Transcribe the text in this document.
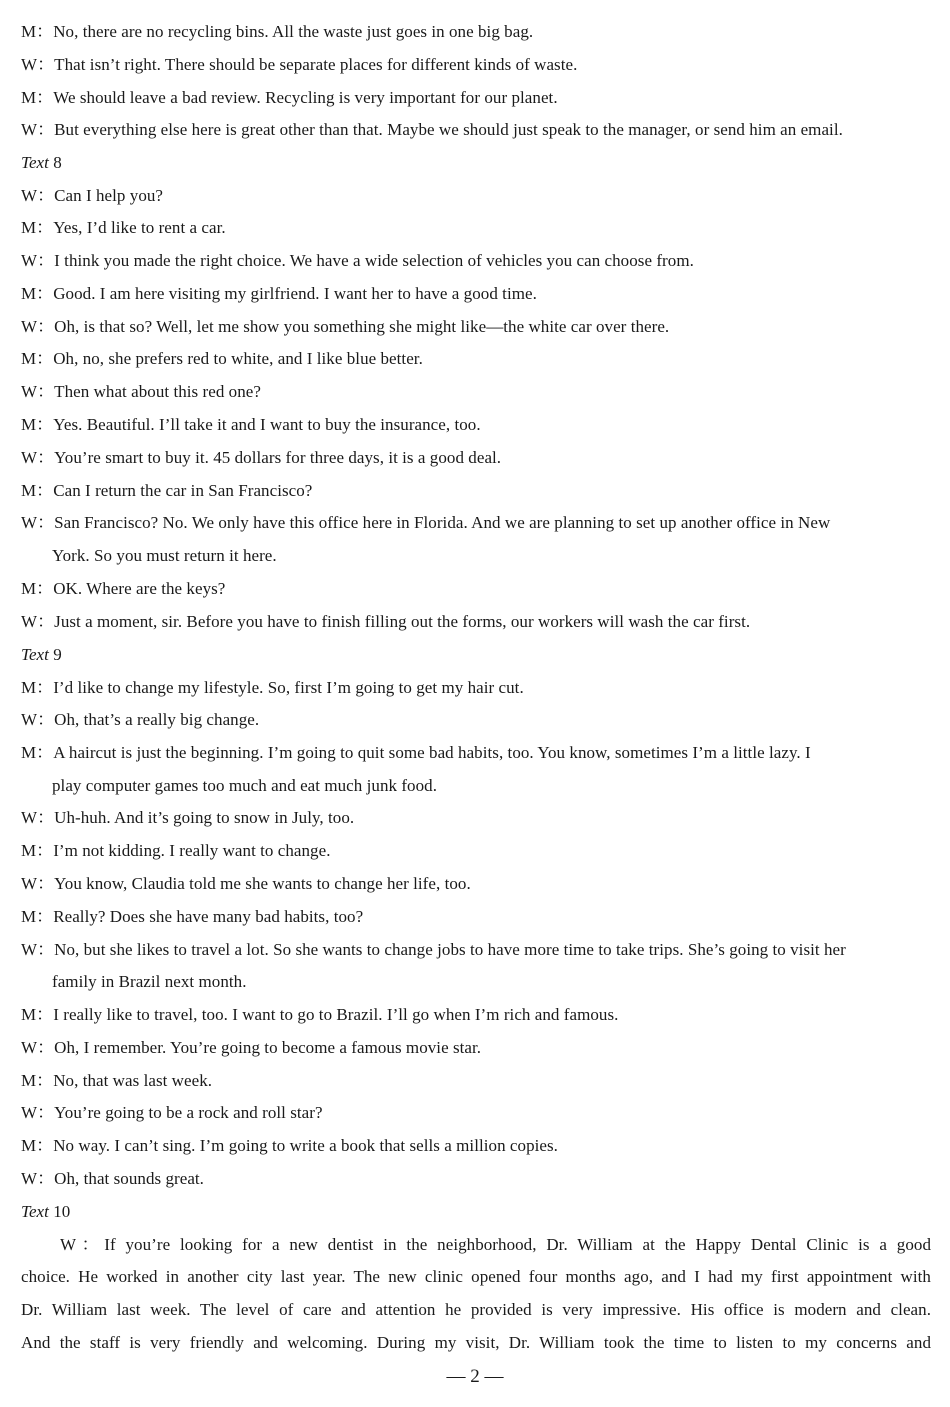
M：No, there are no recycling bins. All the waste just goes in one big bag.
W：That isn’t right. There should be separate places for different kinds of waste.
M：We should leave a bad review. Recycling is very important for our planet.
W：But everything else here is great other than that. Maybe we should just speak to the manager, or send him an email.
Text 8
W：Can I help you?
M：Yes, I’d like to rent a car.
W：I think you made the right choice. We have a wide selection of vehicles you can choose from.
M：Good. I am here visiting my girlfriend. I want her to have a good time.
W：Oh, is that so? Well, let me show you something she might like—the white car over there.
M：Oh, no, she prefers red to white, and I like blue better.
W：Then what about this red one?
M：Yes. Beautiful. I’ll take it and I want to buy the insurance, too.
W：You’re smart to buy it. 45 dollars for three days, it is a good deal.
M：Can I return the car in San Francisco?
W：San Francisco? No. We only have this office here in Florida. And we are planning to set up another office in New
York. So you must return it here.
M：OK. Where are the keys?
W：Just a moment, sir. Before you have to finish filling out the forms, our workers will wash the car first.
Text 9
M：I’d like to change my lifestyle. So, first I’m going to get my hair cut.
W：Oh, that’s a really big change.
M：A haircut is just the beginning. I’m going to quit some bad habits, too. You know, sometimes I’m a little lazy. I
play computer games too much and eat much junk food.
W：Uh-huh. And it’s going to snow in July, too.
M：I’m not kidding. I really want to change.
W：You know, Claudia told me she wants to change her life, too.
M：Really? Does she have many bad habits, too?
W：No, but she likes to travel a lot. So she wants to change jobs to have more time to take trips. She’s going to visit her
family in Brazil next month.
M：I really like to travel, too. I want to go to Brazil. I’ll go when I’m rich and famous.
W：Oh, I remember. You’re going to become a famous movie star.
M：No, that was last week.
W：You’re going to be a rock and roll star?
M：No way. I can’t sing. I’m going to write a book that sells a million copies.
W：Oh, that sounds great.
Text 10
W：If you’re looking for a new dentist in the neighborhood, Dr. William at the Happy Dental Clinic is a good
choice. He worked in another city last year. The new clinic opened four months ago, and I had my first appointment with
Dr. William last week. The level of care and attention he provided is very impressive. His office is modern and clean.
And the staff is very friendly and welcoming. During my visit, Dr. William took the time to listen to my concerns and
— 2 —
